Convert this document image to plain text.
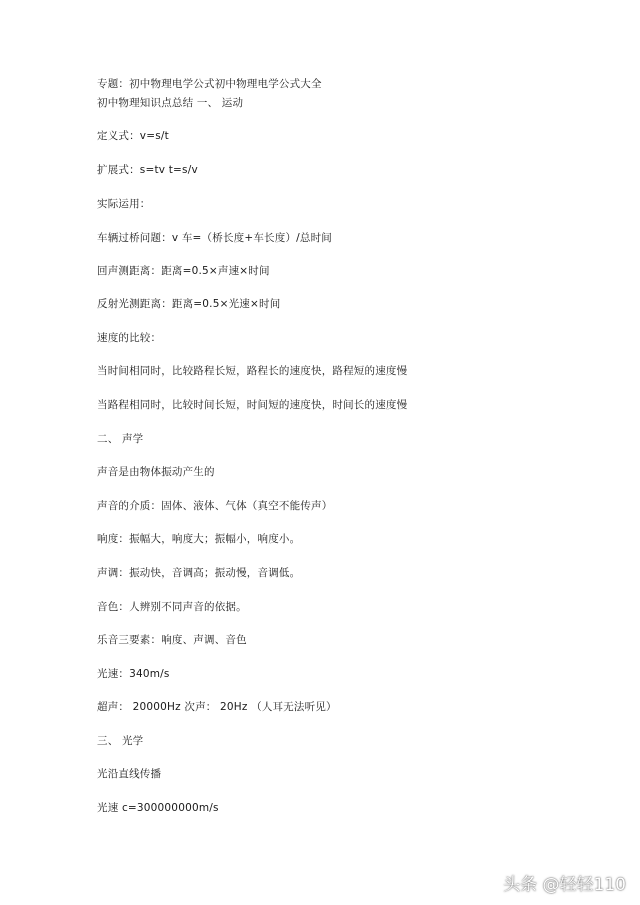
专题：初中物理电学公式初中物理电学公式大全
初中物理知识点总结 一、 运动
定义式：v=s/t
扩展式：s=tv t=s/v
实际运用：
车辆过桥问题：v 车=（桥长度+车长度）/总时间
回声测距离：距离=0.5×声速×时间
反射光测距离：距离=0.5×光速×时间
速度的比较：
当时间相同时，比较路程长短，路程长的速度快，路程短的速度慢
当路程相同时，比较时间长短，时间短的速度快，时间长的速度慢
二、 声学
声音是由物体振动产生的
声音的介质：固体、液体、气体（真空不能传声）
响度：振幅大，响度大；振幅小，响度小。
声调：振动快，音调高；振动慢，音调低。
音色：人辨别不同声音的依据。
乐音三要素：响度、声调、音色
光速：340m/s
超声： 20000Hz 次声： 20Hz （人耳无法听见）
三、 光学
光沿直线传播
光速 c=300000000m/s
头条 @轻轻110
